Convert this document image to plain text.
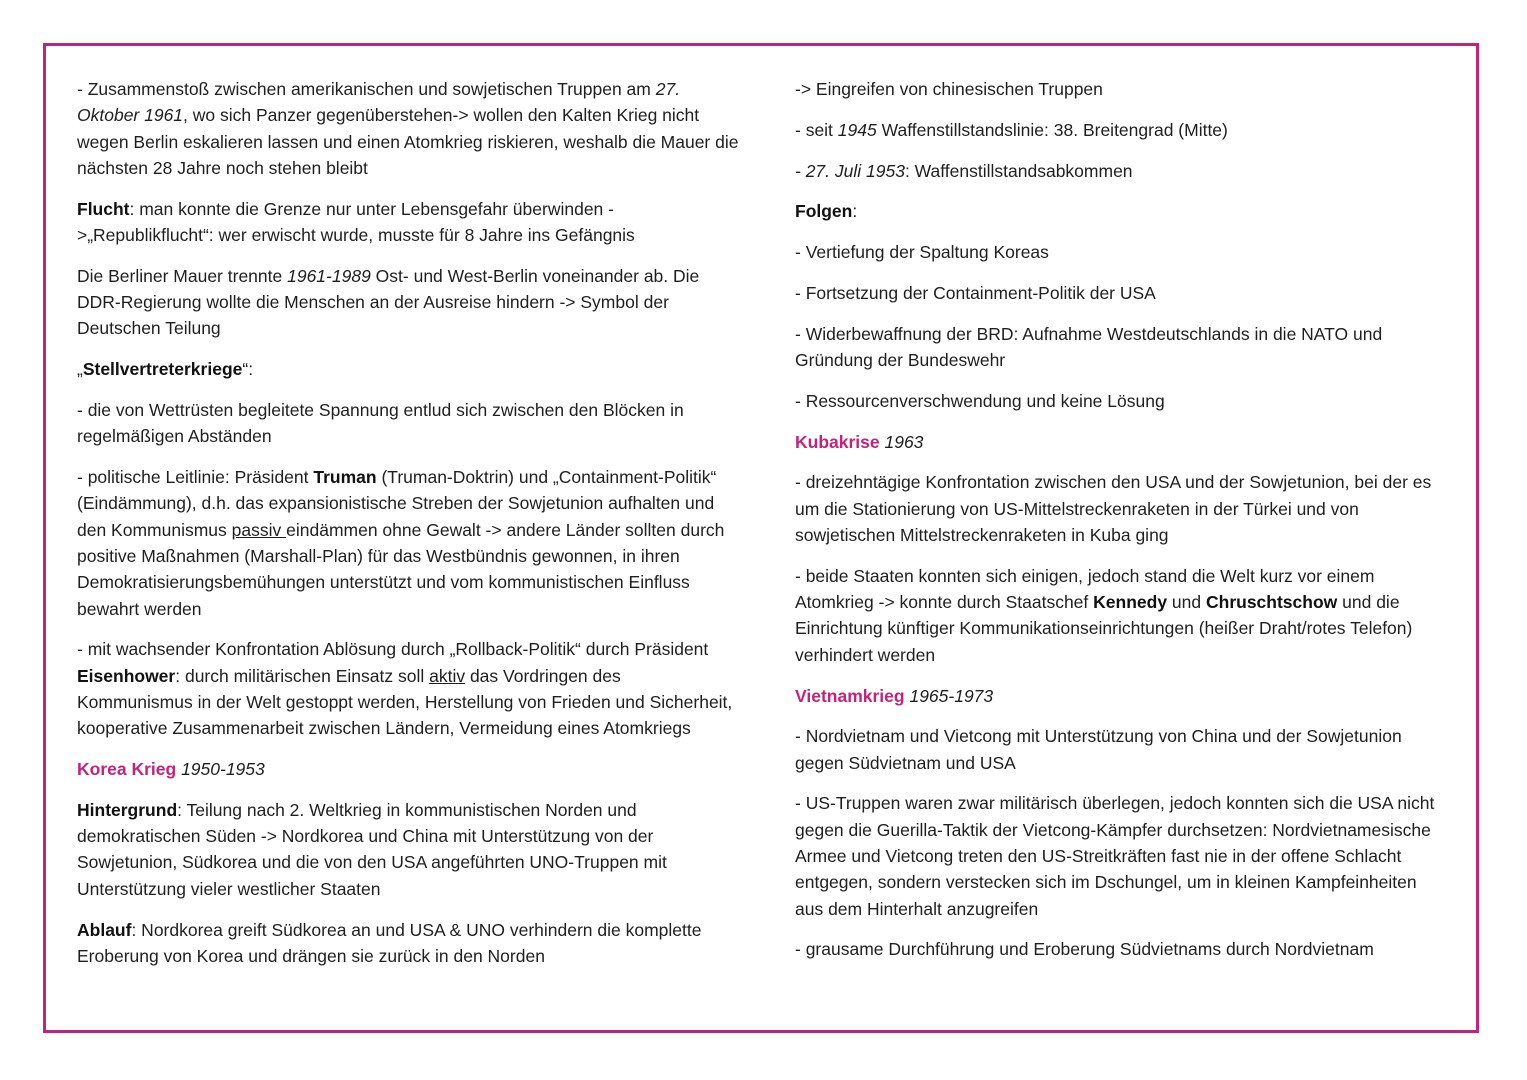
- Zusammenstoß zwischen amerikanischen und sowjetischen Truppen am 27. Oktober 1961, wo sich Panzer gegenüberstehen-> wollen den Kalten Krieg nicht wegen Berlin eskalieren lassen und einen Atomkrieg riskieren, weshalb die Mauer die nächsten 28 Jahre noch stehen bleibt

Flucht: man konnte die Grenze nur unter Lebensgefahr überwinden ->„Republikflucht“: wer erwischt wurde, musste für 8 Jahre ins Gefängnis

Die Berliner Mauer trennte 1961-1989 Ost- und West-Berlin voneinander ab. Die DDR-Regierung wollte die Menschen an der Ausreise hindern -> Symbol der Deutschen Teilung

„Stellvertreterkriege“:

- die von Wettrüsten begleitete Spannung entlud sich zwischen den Blöcken in regelmäßigen Abständen

- politische Leitlinie: Präsident Truman (Truman-Doktrin) und „Containment-Politik“ (Eindämmung), d.h. das expansionistische Streben der Sowjetunion aufhalten und den Kommunismus passiv eindämmen ohne Gewalt -> andere Länder sollten durch positive Maßnahmen (Marshall-Plan) für das Westbündnis gewonnen, in ihren Demokratisierungsbemühungen unterstützt und vom kommunistischen Einfluss bewahrt werden

- mit wachsender Konfrontation Ablösung durch „Rollback-Politik“ durch Präsident Eisenhower: durch militärischen Einsatz soll aktiv das Vordringen des Kommunismus in der Welt gestoppt werden, Herstellung von Frieden und Sicherheit, kooperative Zusammenarbeit zwischen Ländern, Vermeidung eines Atomkriegs

Korea Krieg 1950-1953

Hintergrund: Teilung nach 2. Weltkrieg in kommunistischen Norden und demokratischen Süden -> Nordkorea und China mit Unterstützung von der Sowjetunion, Südkorea und die von den USA angeführten UNO-Truppen mit Unterstützung vieler westlicher Staaten

Ablauf: Nordkorea greift Südkorea an und USA & UNO verhindern die komplette Eroberung von Korea und drängen sie zurück in den Norden

-> Eingreifen von chinesischen Truppen

- seit 1945 Waffenstillstandslinie: 38. Breitengrad (Mitte)

- 27. Juli 1953: Waffenstillstandsabkommen

Folgen:

- Vertiefung der Spaltung Koreas

- Fortsetzung der Containment-Politik der USA

- Widerbewaffnung der BRD: Aufnahme Westdeutschlands in die NATO und Gründung der Bundeswehr

- Ressourcenverschwendung und keine Lösung

Kubakrise 1963

- dreizehntägige Konfrontation zwischen den USA und der Sowjetunion, bei der es um die Stationierung von US-Mittelstreckenraketen in der Türkei und von sowjetischen Mittelstreckenraketen in Kuba ging

- beide Staaten konnten sich einigen, jedoch stand die Welt kurz vor einem Atomkrieg -> konnte durch Staatschef Kennedy und Chruschtschow und die Einrichtung künftiger Kommunikationseinrichtungen (heißer Draht/rotes Telefon) verhindert werden

Vietnamkrieg 1965-1973

- Nordvietnam und Vietcong mit Unterstützung von China und der Sowjetunion gegen Südvietnam und USA

- US-Truppen waren zwar militärisch überlegen, jedoch konnten sich die USA nicht gegen die Guerilla-Taktik der Vietcong-Kämpfer durchsetzen: Nordvietnamesische Armee und Vietcong treten den US-Streitkräften fast nie in der offene Schlacht entgegen, sondern verstecken sich im Dschungel, um in kleinen Kampfeinheiten aus dem Hinterhalt anzugreifen

- grausame Durchführung und Eroberung Südvietnams durch Nordvietnam
